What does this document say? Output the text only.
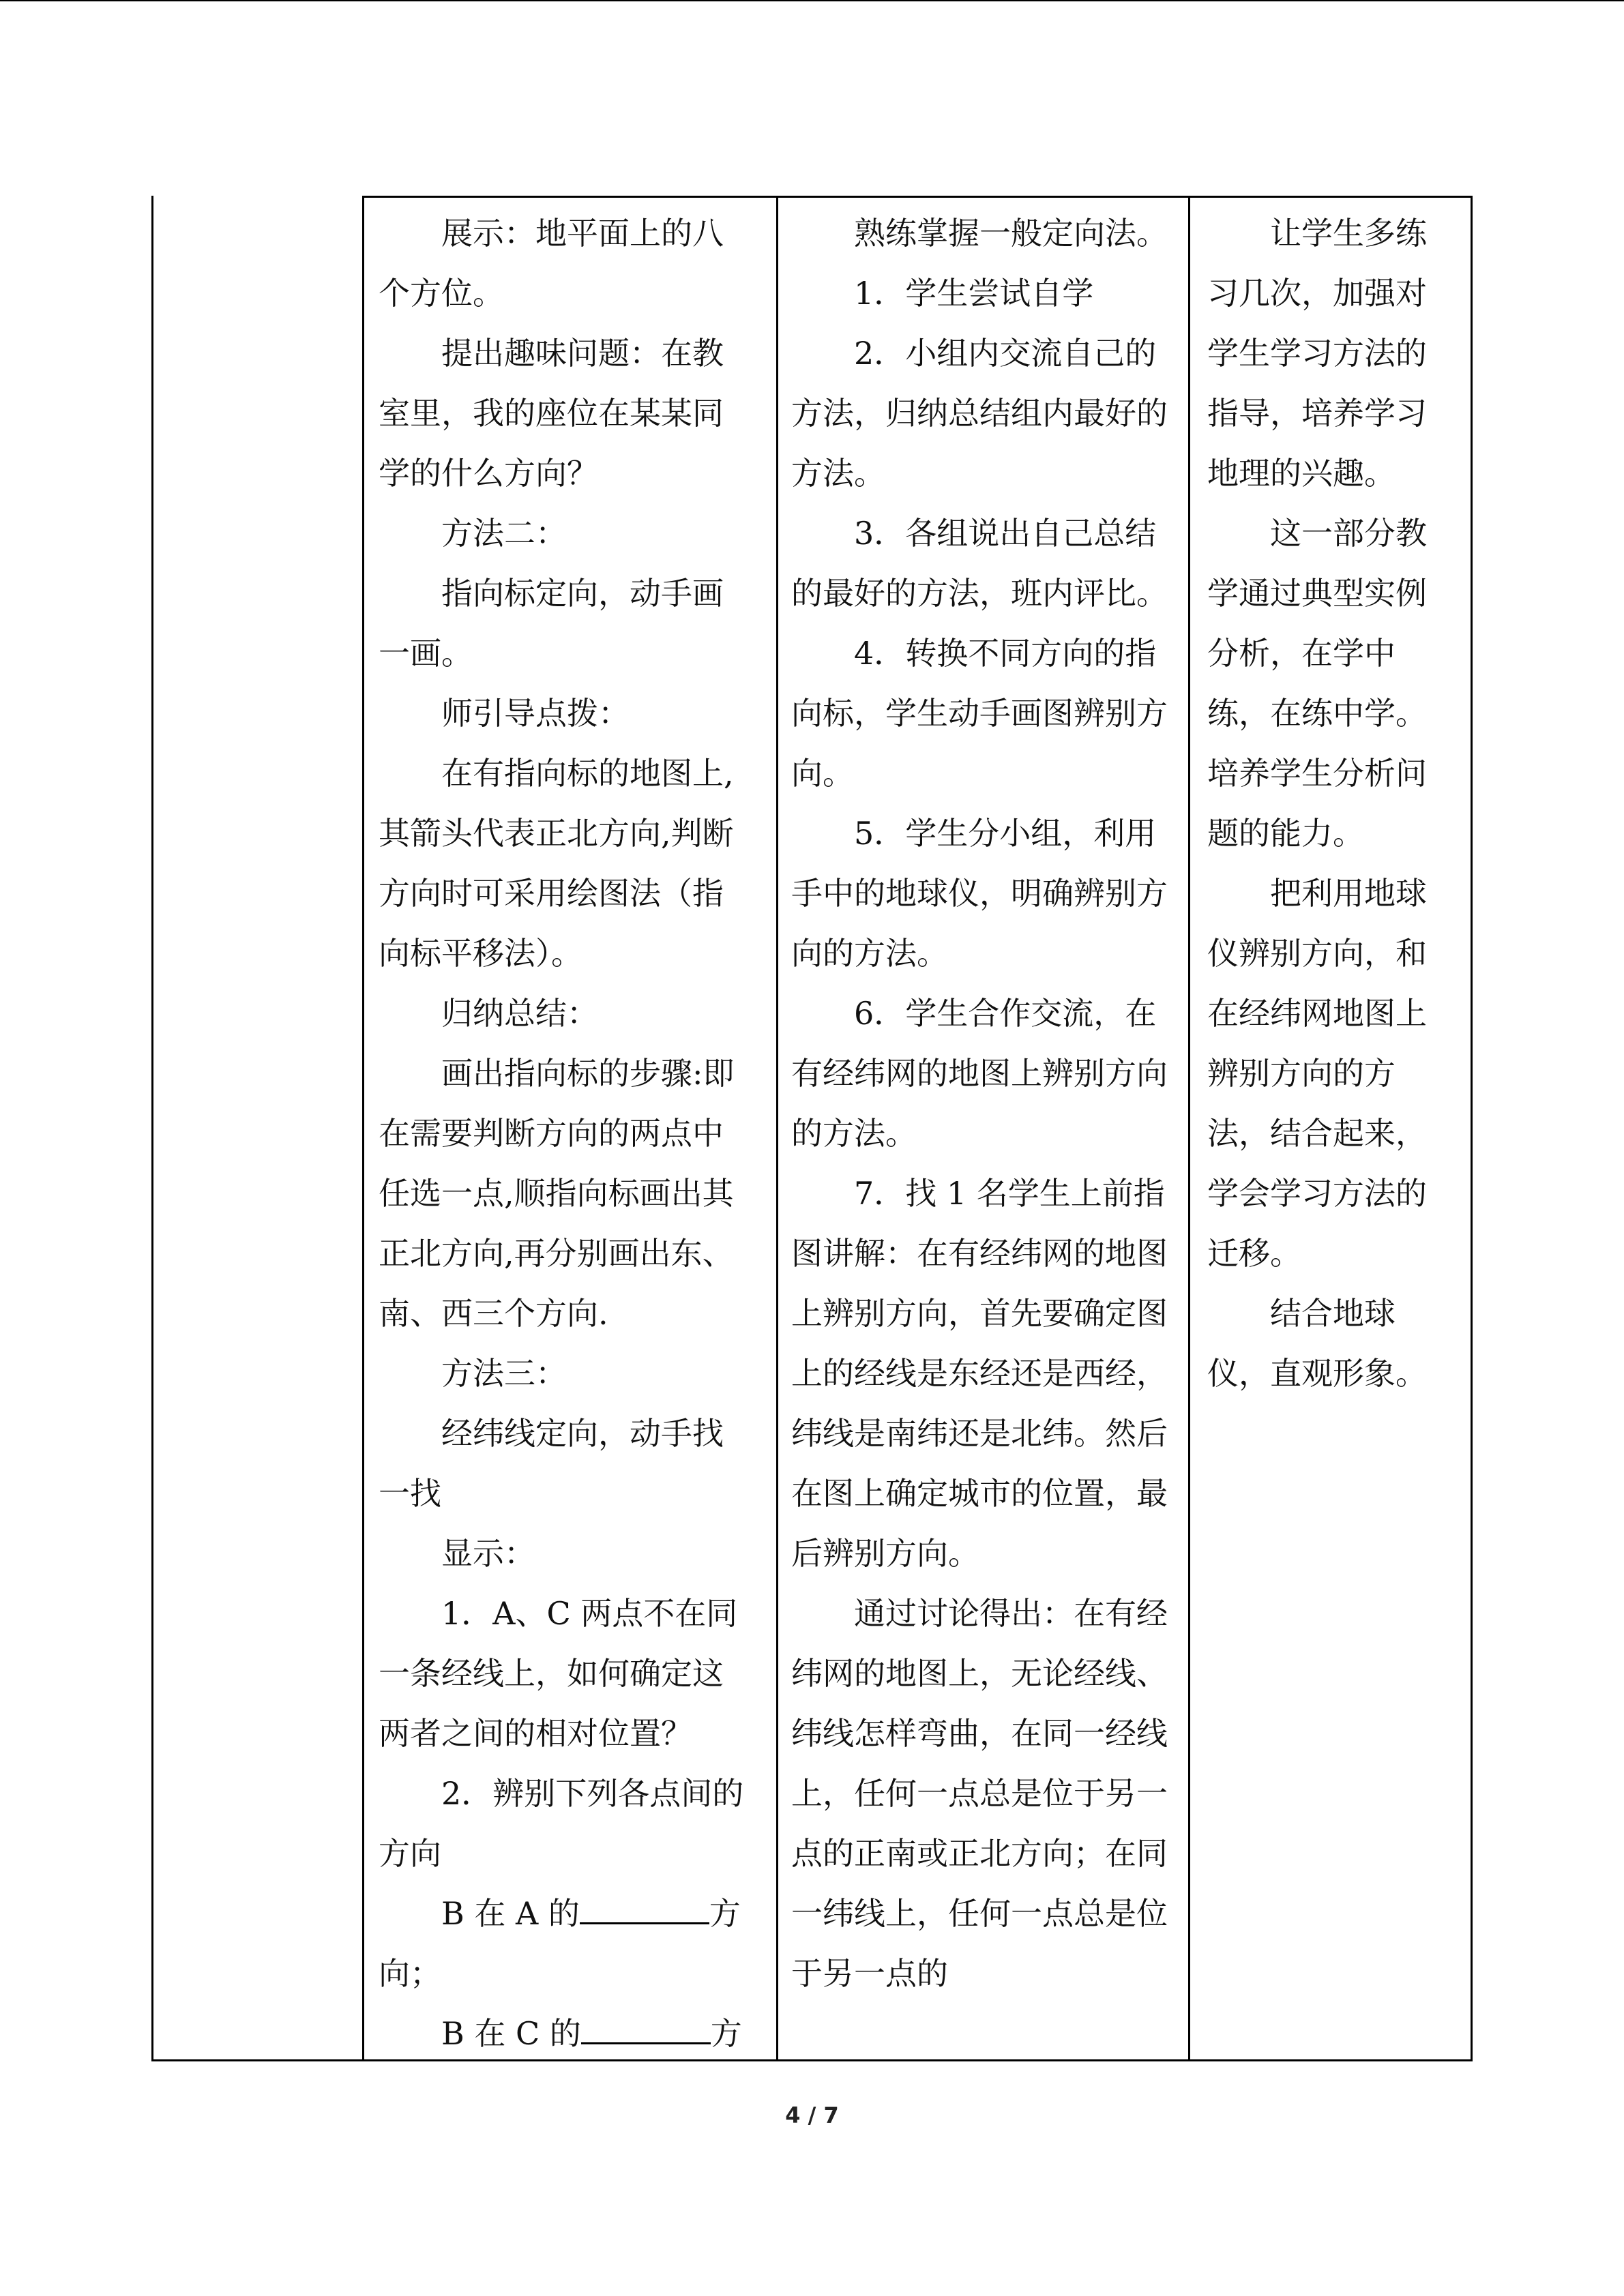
展示：地平面上的八个方位。

提出趣味问题：在教室里，我的座位在某某同学的什么方向？

方法二：

指向标定向，动手画一画。

师引导点拨：

在有指向标的地图上,其箭头代表正北方向,判断方向时可采用绘图法（指向标平移法）。

归纳总结：

画出指向标的步骤:即在需要判断方向的两点中任选一点,顺指向标画出其正北方向,再分别画出东、南、西三个方向.

方法三：

经纬线定向，动手找一找

显示：

1．A、C 两点不在同一条经线上，如何确定这两者之间的相对位置？

2．辨别下列各点间的方向

B 在 A 的	方向；

B 在 C 的	方

熟练掌握一般定向法。

1．学生尝试自学

2．小组内交流自己的方法，归纳总结组内最好的方法。

3．各组说出自己总结的最好的方法，班内评比。

4．转换不同方向的指向标，学生动手画图辨别方向。

5．学生分小组，利用手中的地球仪，明确辨别方向的方法。

6．学生合作交流，在有经纬网的地图上辨别方向的方法。

7．找 1 名学生上前指图讲解：在有经纬网的地图上辨别方向，首先要确定图上的经线是东经还是西经，纬线是南纬还是北纬。然后在图上确定城市的位置，最后辨别方向。

通过讨论得出：在有经纬网的地图上，无论经线、纬线怎样弯曲，在同一经线上，任何一点总是位于另一点的正南或正北方向；在同一纬线上，任何一点总是位于另一点的

让学生多练习几次，加强对学生学习方法的指导，培养学习地理的兴趣。

这一部分教学通过典型实例分析，在学中练，在练中学。培养学生分析问题的能力。

把利用地球仪辨别方向，和在经纬网地图上辨别方向的方法，结合起来，学会学习方法的迁移。

结合地球仪，直观形象。

4 / 7
